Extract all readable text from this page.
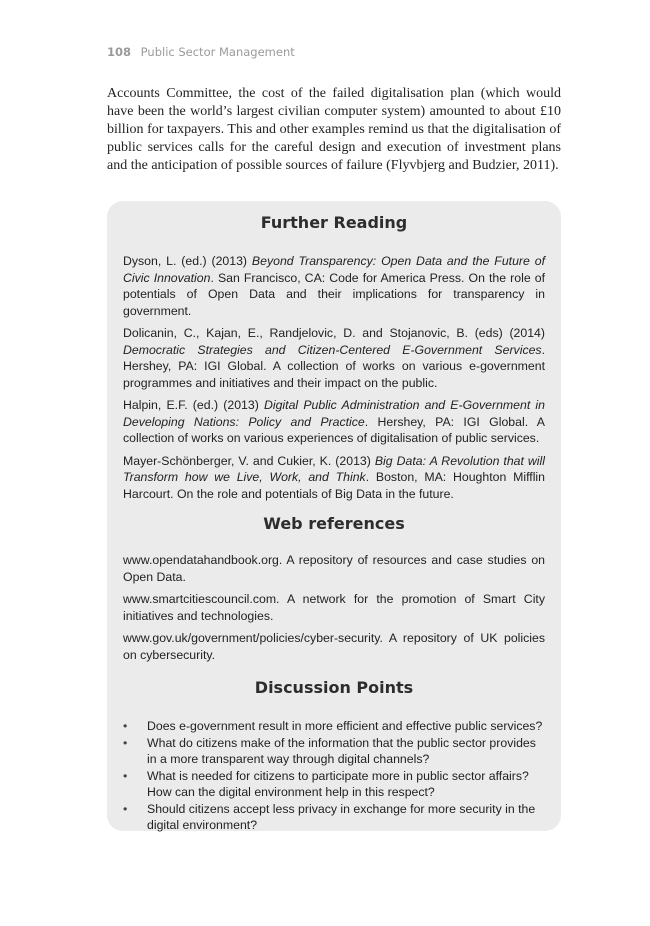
108 Public Sector Management

Accounts Committee, the cost of the failed digitalisation plan (which would have been the world’s largest civilian computer system) amounted to about £10 billion for taxpayers. This and other examples remind us that the digitalisation of public services calls for the careful design and execution of investment plans and the anticipation of possible sources of failure (Flyvbjerg and Budzier, 2011).

Further Reading

Dyson, L. (ed.) (2013) Beyond Transparency: Open Data and the Future of Civic Innovation. San Francisco, CA: Code for America Press. On the role of potentials of Open Data and their implications for transparency in government.

Dolicanin, C., Kajan, E., Randjelovic, D. and Stojanovic, B. (eds) (2014) Democratic Strategies and Citizen-Centered E-Government Services. Hershey, PA: IGI Global. A collection of works on various e-government programmes and initiatives and their impact on the public.

Halpin, E.F. (ed.) (2013) Digital Public Administration and E-Government in Developing Nations: Policy and Practice. Hershey, PA: IGI Global. A collection of works on various experiences of digitalisation of public services.

Mayer-Schönberger, V. and Cukier, K. (2013) Big Data: A Revolution that will Transform how we Live, Work, and Think. Boston, MA: Houghton Mifflin Harcourt. On the role and potentials of Big Data in the future.

Web references

www.opendatahandbook.org. A repository of resources and case studies on Open Data.

www.smartcitiescouncil.com. A network for the promotion of Smart City initiatives and technologies.

www.gov.uk/government/policies/cyber-security. A repository of UK policies on cybersecurity.

Discussion Points
• Does e-government result in more efficient and effective public services?
• What do citizens make of the information that the public sector provides in a more transparent way through digital channels?
• What is needed for citizens to participate more in public sector affairs? How can the digital environment help in this respect?
• Should citizens accept less privacy in exchange for more security in the digital environment?
